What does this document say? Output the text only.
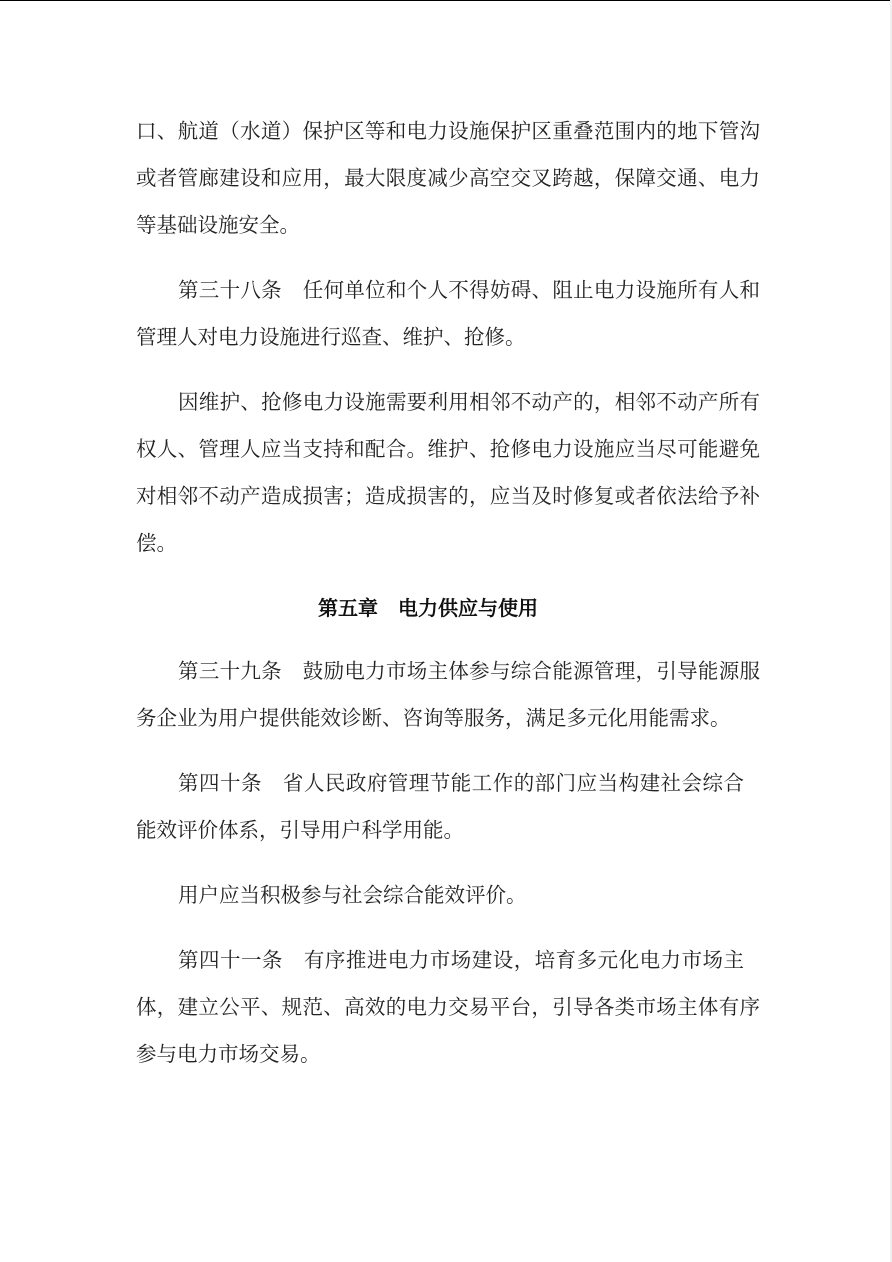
口、航道（水道）保护区等和电力设施保护区重叠范围内的地下管沟
或者管廊建设和应用，最大限度减少高空交叉跨越，保障交通、电力
等基础设施安全。
第三十八条　任何单位和个人不得妨碍、阻止电力设施所有人和
管理人对电力设施进行巡查、维护、抢修。
因维护、抢修电力设施需要利用相邻不动产的，相邻不动产所有
权人、管理人应当支持和配合。维护、抢修电力设施应当尽可能避免
对相邻不动产造成损害；造成损害的，应当及时修复或者依法给予补
偿。
第五章　电力供应与使用
第三十九条　鼓励电力市场主体参与综合能源管理，引导能源服
务企业为用户提供能效诊断、咨询等服务，满足多元化用能需求。
第四十条　省人民政府管理节能工作的部门应当构建社会综合
能效评价体系，引导用户科学用能。
用户应当积极参与社会综合能效评价。
第四十一条　有序推进电力市场建设，培育多元化电力市场主
体，建立公平、规范、高效的电力交易平台，引导各类市场主体有序
参与电力市场交易。
